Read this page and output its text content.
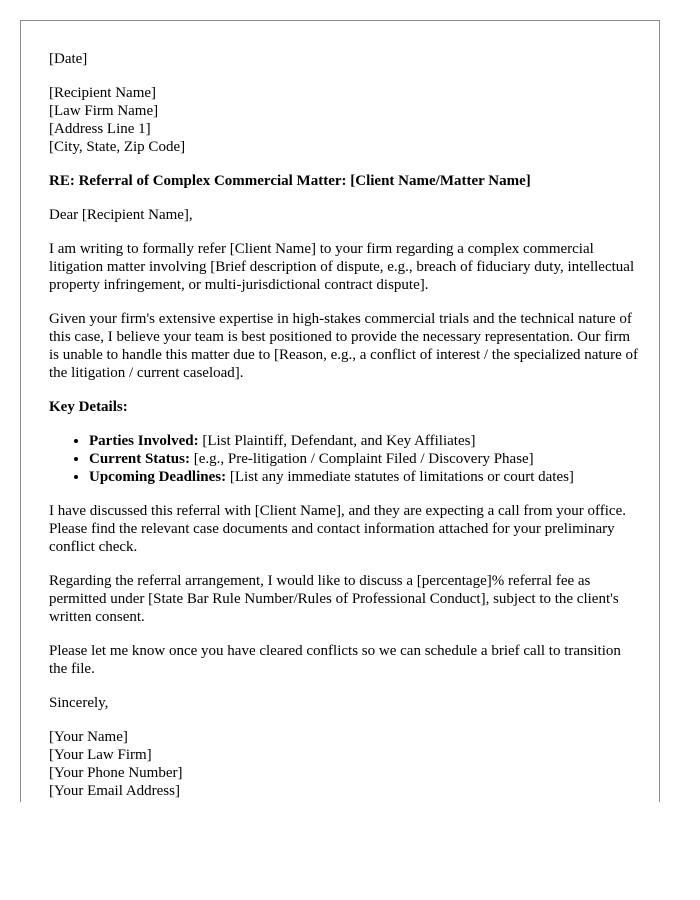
[Date]
[Recipient Name]
[Law Firm Name]
[Address Line 1]
[City, State, Zip Code]

RE: Referral of Complex Commercial Matter: [Client Name/Matter Name]

Dear [Recipient Name],

I am writing to formally refer [Client Name] to your firm regarding a complex commercial litigation matter involving [Brief description of dispute, e.g., breach of fiduciary duty, intellectual property infringement, or multi-jurisdictional contract dispute].

Given your firm's extensive expertise in high-stakes commercial trials and the technical nature of this case, I believe your team is best positioned to provide the necessary representation. Our firm is unable to handle this matter due to [Reason, e.g., a conflict of interest / the specialized nature of the litigation / current caseload].

Key Details:

• Parties Involved: [List Plaintiff, Defendant, and Key Affiliates]
• Current Status: [e.g., Pre-litigation / Complaint Filed / Discovery Phase]
• Upcoming Deadlines: [List any immediate statutes of limitations or court dates]

I have discussed this referral with [Client Name], and they are expecting a call from your office. Please find the relevant case documents and contact information attached for your preliminary conflict check.

Regarding the referral arrangement, I would like to discuss a [percentage]% referral fee as permitted under [State Bar Rule Number/Rules of Professional Conduct], subject to the client's written consent.

Please let me know once you have cleared conflicts so we can schedule a brief call to transition the file.

Sincerely,

[Your Name]
[Your Law Firm]
[Your Phone Number]
[Your Email Address]
